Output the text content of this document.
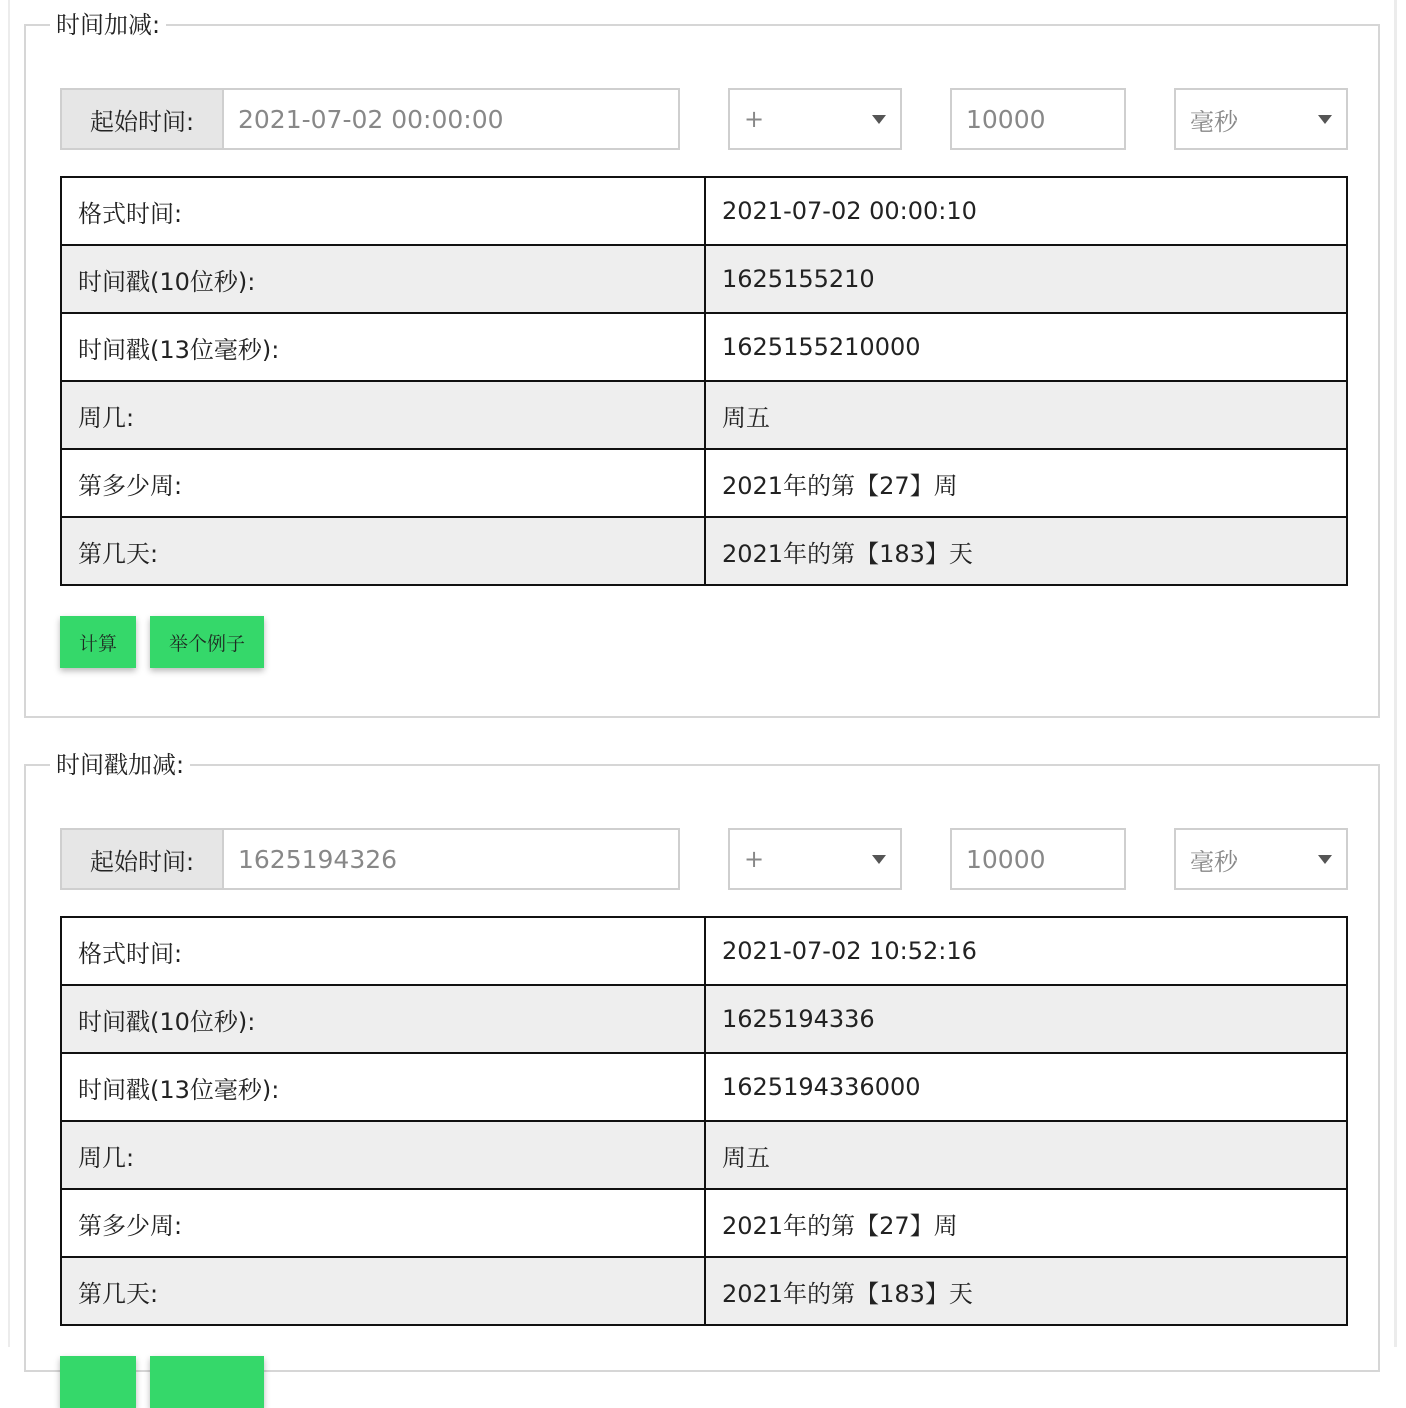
时间加减:
起始时间:	2021-07-02 00:00:00	+	10000	毫秒
格式时间:	2021-07-02 00:00:10
时间戳(10位秒):	1625155210
时间戳(13位毫秒):	1625155210000
周几:	周五
第多少周:	2021年的第【27】周
第几天:	2021年的第【183】天
计算	举个例子
时间戳加减:
起始时间:	1625194326	+	10000	毫秒
格式时间:	2021-07-02 10:52:16
时间戳(10位秒):	1625194336
时间戳(13位毫秒):	1625194336000
周几:	周五
第多少周:	2021年的第【27】周
第几天:	2021年的第【183】天
